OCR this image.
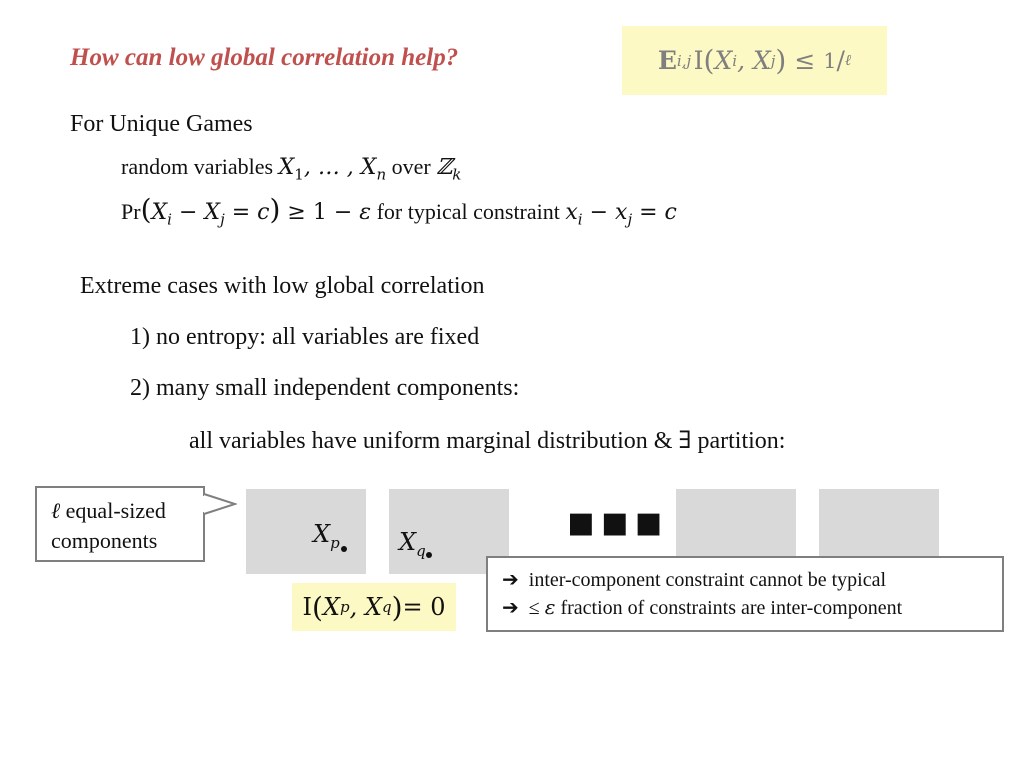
How can low global correlation help?	E i,j
  I ( X i , X j )
≤
1 / ℓ
For Unique Games
random variables $X_1$, … , $X_n$ over ℤ$_k$
$Pr(X_i - X_j = c) \ge 1 - \varepsilon$ for typical constraint $x_i - x_j = c$
Extreme cases with low global correlation
1) no entropy: all variables are fixed
2) many small independent components:
all variables have uniform marginal distribution & ∃ partition:
ℓ equal-sized
components	▪▪▪
$X_p$ $X_q$
I ( X p , X q ) = 0
➔ inter-component constraint cannot be typical
➔ ≤ ε fraction of constraints are inter-component
